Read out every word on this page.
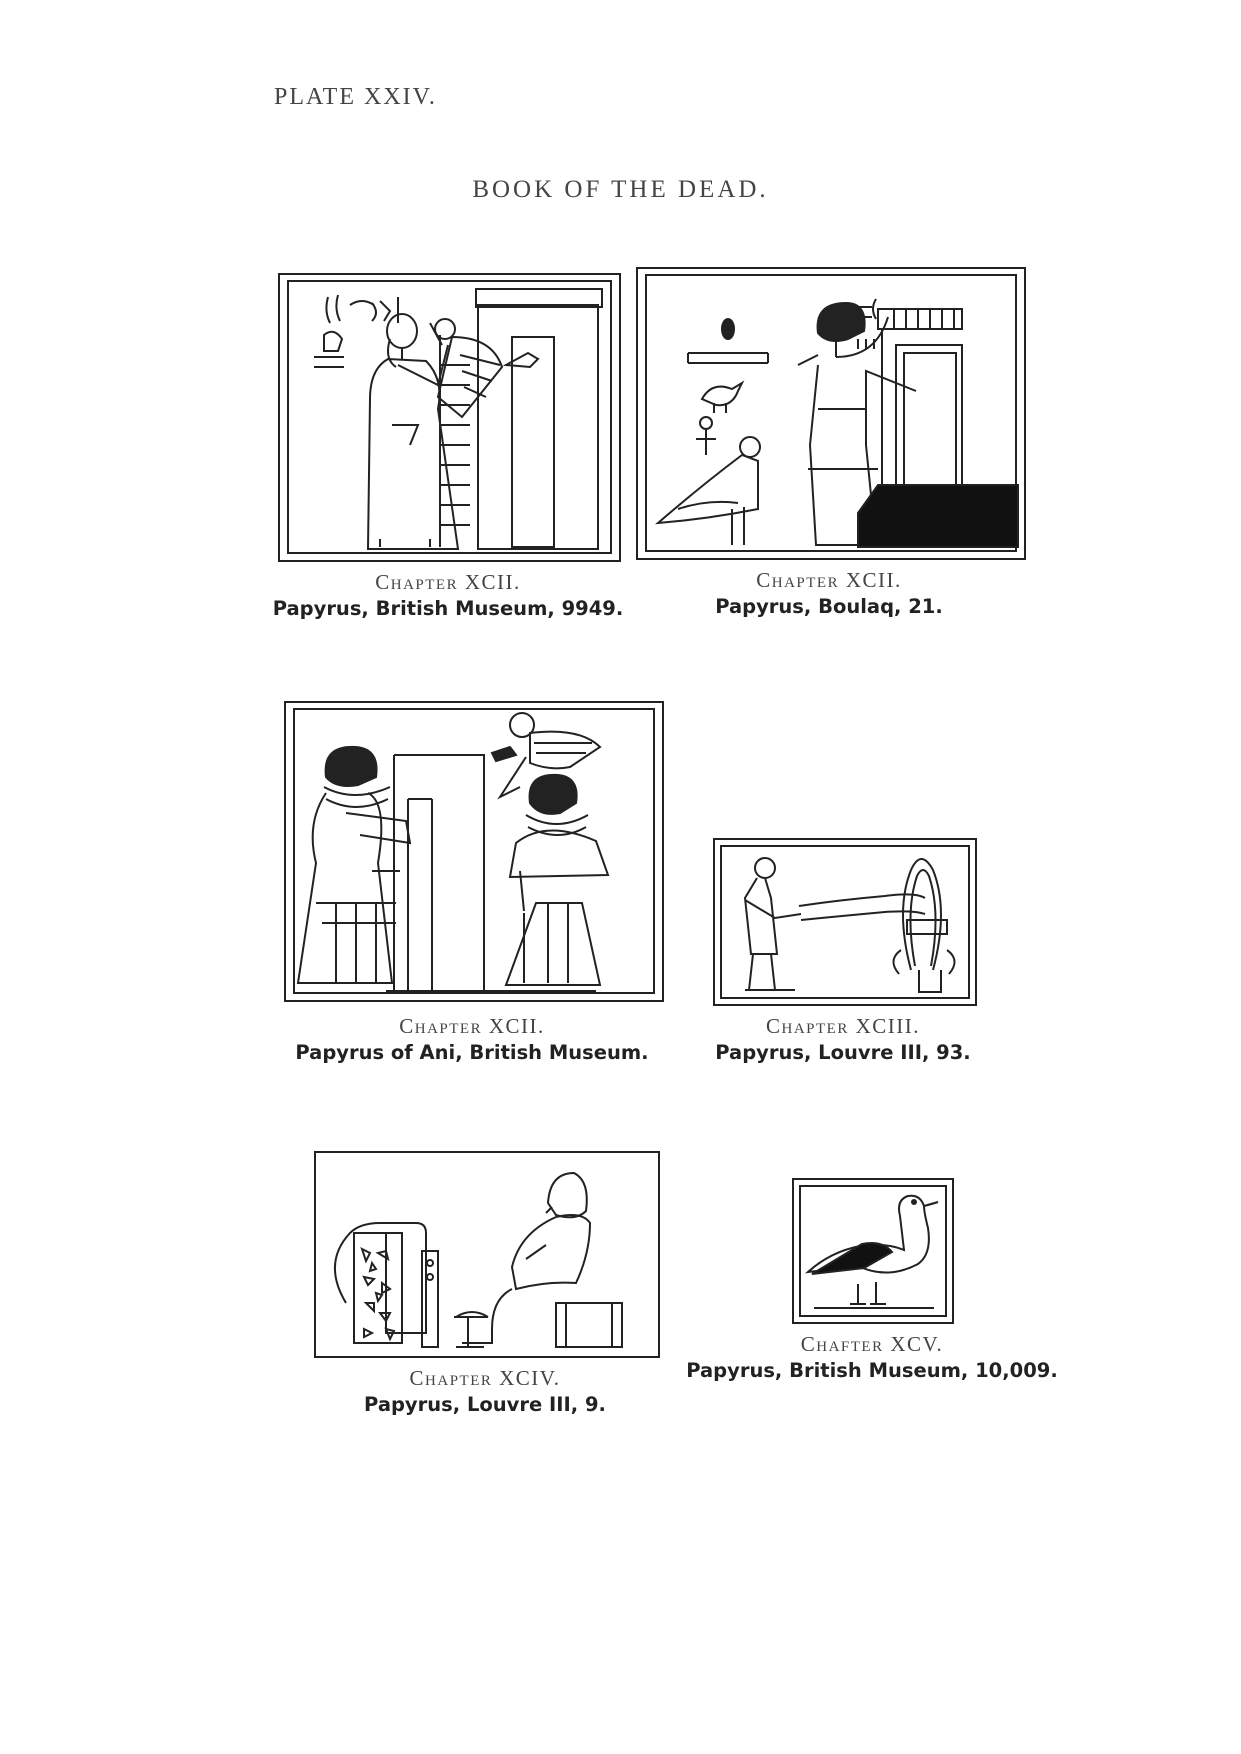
PLATE XXIV.
BOOK OF THE DEAD.
Chapter XCII.
Papyrus, British Museum, 9949.
Chapter XCII.
Papyrus, Boulaq, 21.
Chapter XCII.
Papyrus of Ani, British Museum.
Chapter XCIII.
Papyrus, Louvre III, 93.
Chapter XCIV.
Papyrus, Louvre III, 9.
Chafter XCV.
Papyrus, British Museum, 10,009.
